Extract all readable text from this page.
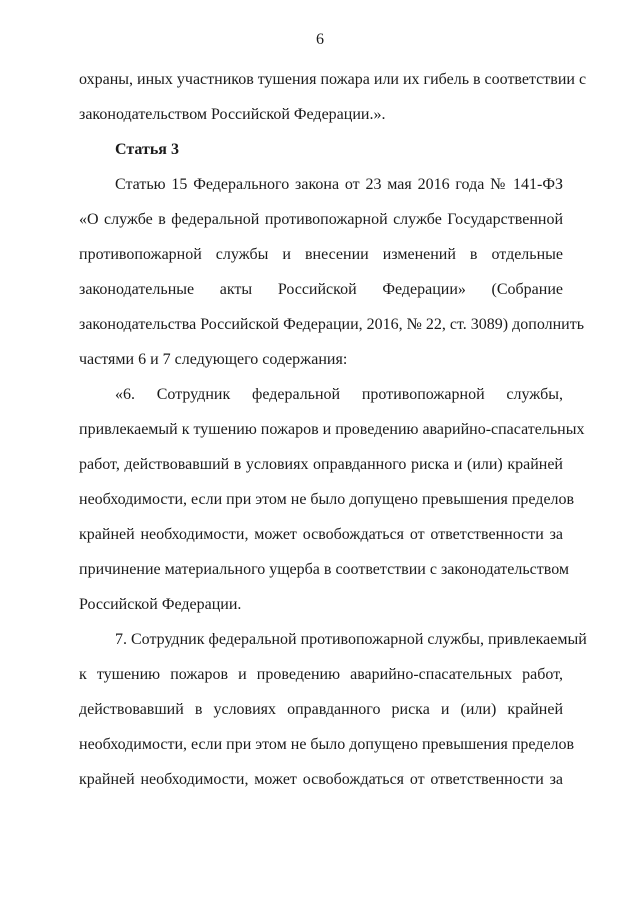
6
охраны, иных участников тушения пожара или их гибель в соответствии с
законодательством Российской Федерации.».
Статья 3
Статью 15 Федерального закона от 23 мая 2016 года № 141-ФЗ
«О службе в федеральной противопожарной службе Государственной
противопожарной службы и внесении изменений в отдельные
законодательные акты Российской Федерации» (Собрание
законодательства Российской Федерации, 2016, № 22, ст. 3089) дополнить
частями 6 и 7 следующего содержания:
«6. Сотрудник федеральной противопожарной службы,
привлекаемый к тушению пожаров и проведению аварийно-спасательных
работ, действовавший в условиях оправданного риска и (или) крайней
необходимости, если при этом не было допущено превышения пределов
крайней необходимости, может освобождаться от ответственности за
причинение материального ущерба в соответствии с законодательством
Российской Федерации.
7. Сотрудник федеральной противопожарной службы, привлекаемый
к тушению пожаров и проведению аварийно-спасательных работ,
действовавший в условиях оправданного риска и (или) крайней
необходимости, если при этом не было допущено превышения пределов
крайней необходимости, может освобождаться от ответственности за
